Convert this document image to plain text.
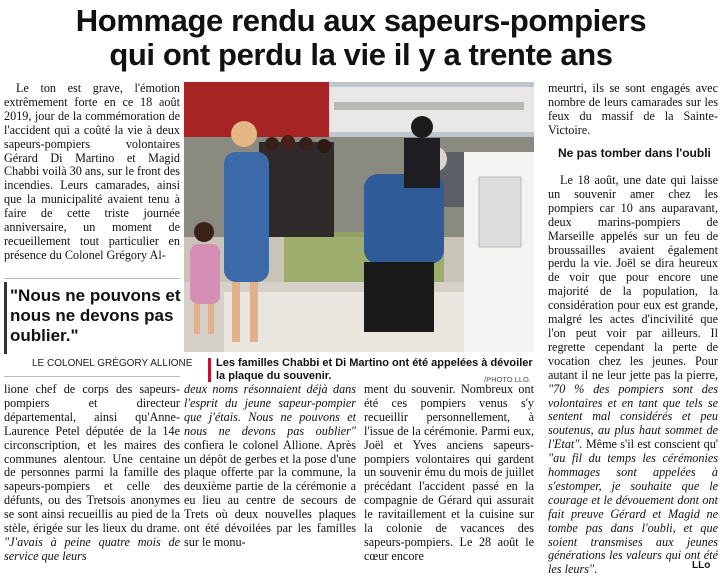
Hommage rendu aux sapeurs-pompiers
qui ont perdu la vie il y a trente ans

Le ton est grave, l'émotion extrêmement forte en ce 18 août 2019, jour de la commémoration de l'accident qui a coûté la vie à deux sapeurs-pompiers volontaires Gérard Di Martino et Magid Chabbi voilà 30 ans, sur le front des incendies. Leurs camarades, ainsi que la municipalité avaient tenu à faire de cette triste journée anniversaire, un moment de recueillement tout particulier en présence du Colonel Grégory Al-

"Nous ne pouvons et nous ne devons pas oublier."
LE COLONEL GRÉGORY ALLIONE Les familles Chabbi et Di Martino ont été appelées à dévoiler la plaque du souvenir.	/PHOTO LLO.

lione chef de corps des sapeurs-pompiers et directeur départemental, ainsi qu'Anne-Laurence Petel députée de la 14e circonscription, et les maires des communes alentour. Une centaine de personnes parmi la famille des sapeurs-pompiers et celle des défunts, ou des Tretsois anonymes se sont ainsi recueillis au pied de la stèle, érigée sur les lieux du drame. "J'avais à peine quatre mois de service que leurs

deux noms résonnaient déjà dans l'esprit du jeune sapeur-pompier que j'étais. Nous ne pouvons et nous ne devons pas oublier" confiera le colonel Allione. Après un dépôt de gerbes et la pose d'une plaque offerte par la commune, la deuxième partie de la cérémonie a eu lieu au centre de secours de Trets où deux nouvelles plaques ont été dévoilées par les familles sur le monu-

ment du souvenir. Nombreux ont été ces pompiers venus s'y recueillir personnellement, à l'issue de la cérémonie. Parmi eux, Joël et Yves anciens sapeurs-pompiers volontaires qui gardent un souvenir ému du mois de juillet précédant l'accident passé en la compagnie de Gérard qui assurait le ravitaillement et la cuisine sur la colonie de vacances des sapeurs-pompiers. Le 28 août le cœur encore

meurtri, ils se sont engagés avec nombre de leurs camarades sur les feux du massif de la Sainte-Victoire.

Ne pas tomber dans l'oubli

Le 18 août, une date qui laisse un souvenir amer chez les pompiers car 10 ans auparavant, deux marins-pompiers de Marseille appelés sur un feu de broussailles avaient également perdu la vie. Joël se dira heureux de voir que pour encore une majorité de la population, la considération pour eux est grande, malgré les actes d'incivilité que l'on peut voir par ailleurs. Il regrette cependant la perte de vocation chez les jeunes. Pour autant il ne leur jette pas la pierre, "70 % des pompiers sont des volontaires et en tant que tels se sentent mal considérés et peu soutenus, au plus haut sommet de l'Etat". Même s'il est conscient qu' "au fil du temps les cérémonies hommages sont appelées à s'estomper, je souhaite que le courage et le dévouement dont ont fait preuve Gérard et Magid ne tombe pas dans l'oubli, et que soient transmises aux jeunes générations les valeurs qui ont été les leurs".	LLo
